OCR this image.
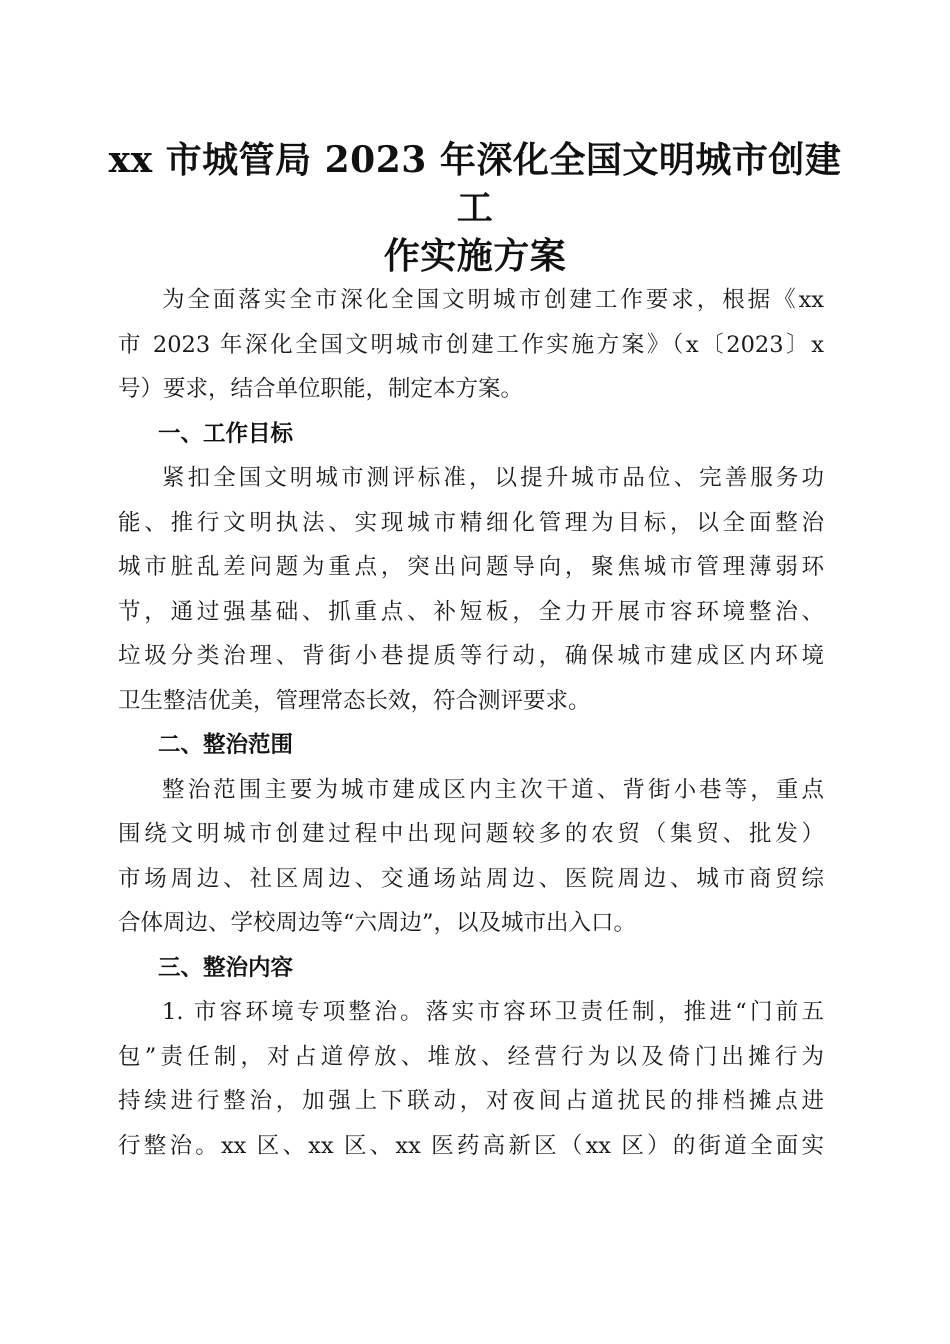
xx 市城管局 2023 年深化全国文明城市创建工
作实施方案
为全面落实全市深化全国文明城市创建工作要求，根据《xx
市 2023 年深化全国文明城市创建工作实施方案》（x〔2023〕x
号）要求，结合单位职能，制定本方案。
一、工作目标
紧扣全国文明城市测评标准，以提升城市品位、完善服务功
能、推行文明执法、实现城市精细化管理为目标，以全面整治
城市脏乱差问题为重点，突出问题导向，聚焦城市管理薄弱环
节，通过强基础、抓重点、补短板，全力开展市容环境整治、
垃圾分类治理、背街小巷提质等行动，确保城市建成区内环境
卫生整洁优美，管理常态长效，符合测评要求。
二、整治范围
整治范围主要为城市建成区内主次干道、背街小巷等，重点
围绕文明城市创建过程中出现问题较多的农贸（集贸、批发）
市场周边、社区周边、交通场站周边、医院周边、城市商贸综
合体周边、学校周边等“六周边”，以及城市出入口。
三、整治内容
1. 市容环境专项整治。落实市容环卫责任制，推进“门前五
包”责任制，对占道停放、堆放、经营行为以及倚门出摊行为
持续进行整治，加强上下联动，对夜间占道扰民的排档摊点进
行整治。xx 区、xx 区、xx 医药高新区（xx 区）的街道全面实
